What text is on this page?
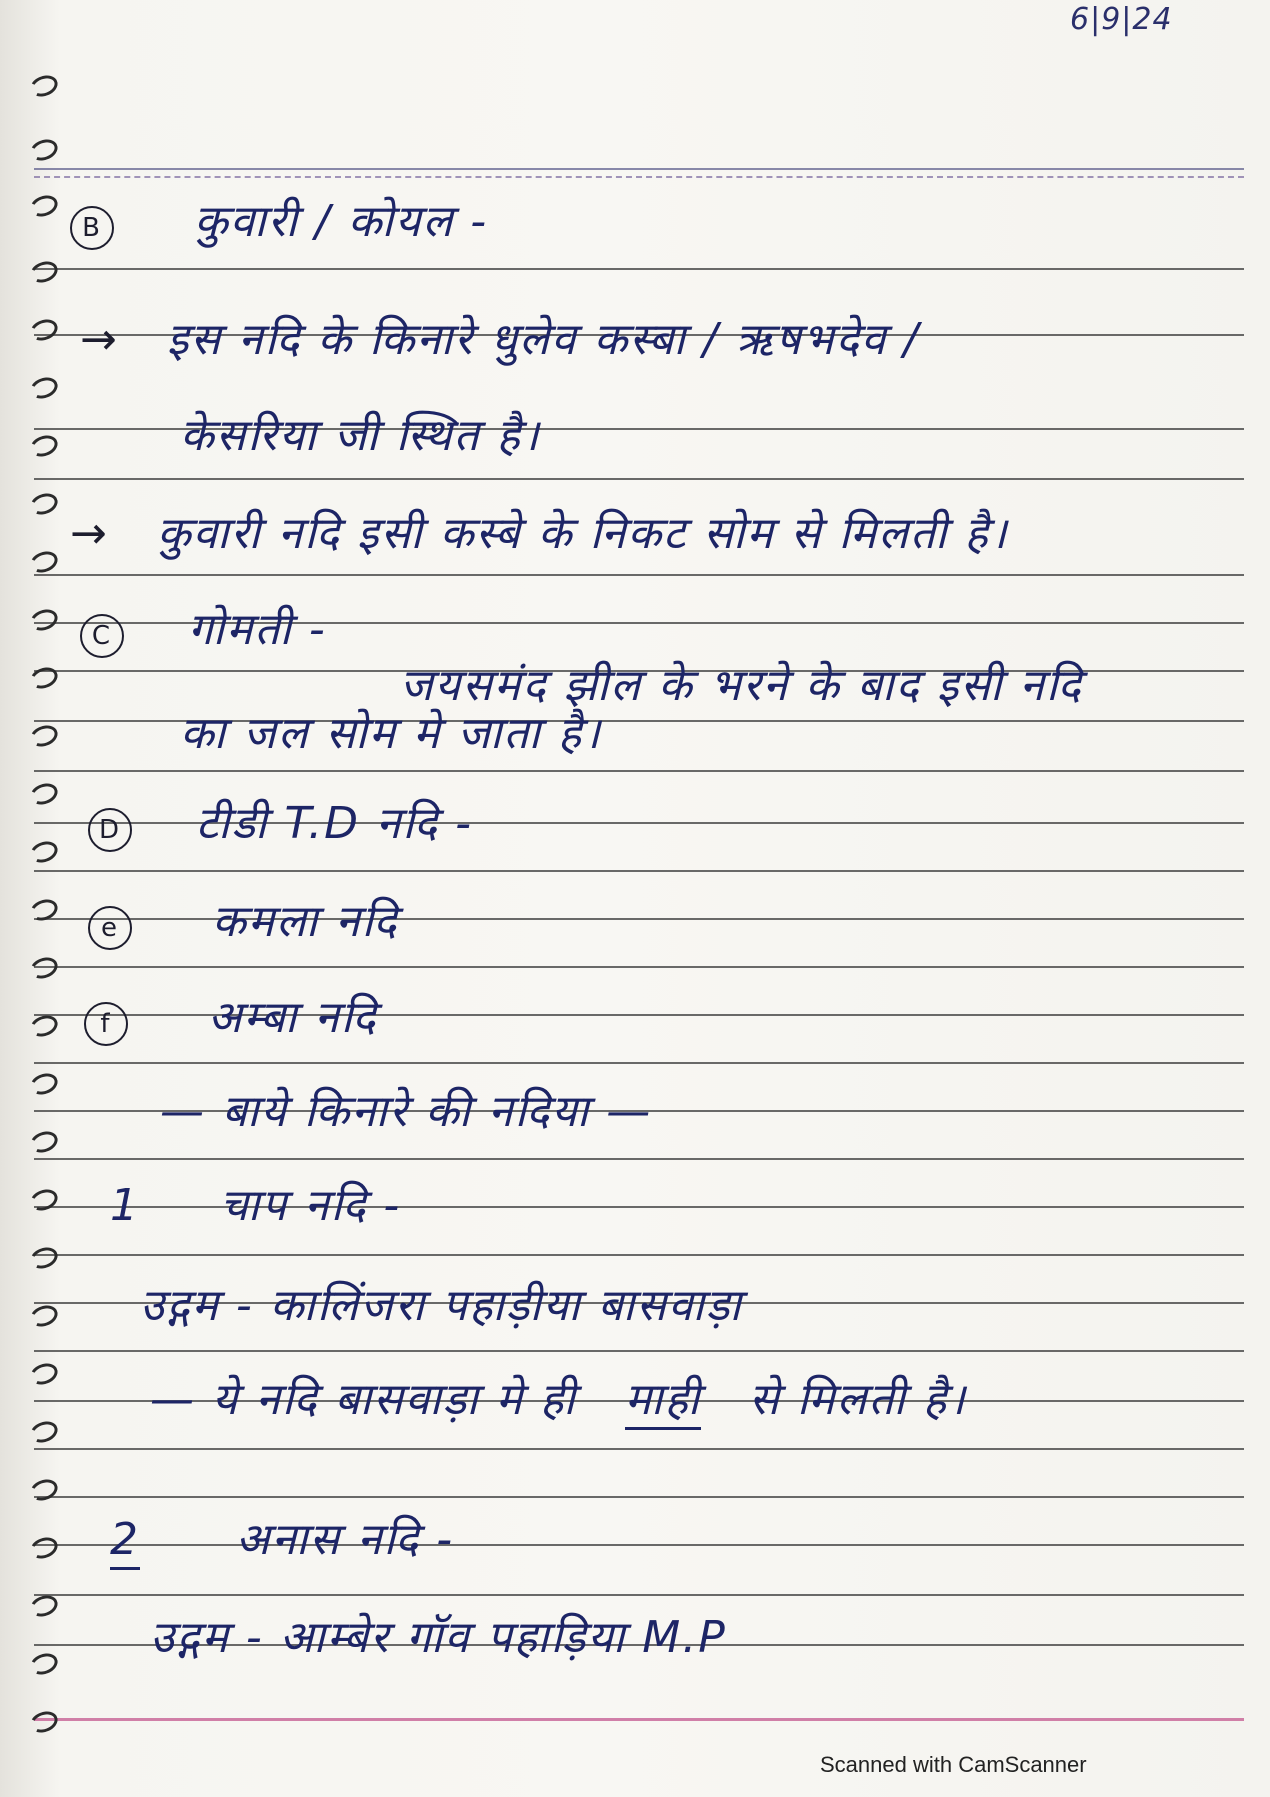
6|9|24
B कुवारी / कोयल -
→ इस नदि के किनारे धुलेव कस्बा / ऋषभदेव /
केसरिया जी स्थित है।
→ कुवारी नदि इसी कस्बे के निकट सोम से मिलती है।
C गोमती -
जयसमंद झील के भरने के बाद इसी नदि
का जल सोम मे जाता है।
D टीडी T.D नदि -
e कमला नदि
f अम्बा नदि
— बाये किनारे की नदिया —
1 चाप नदि -
उद्गम - कालिंजरा पहाड़ीया बासवाड़ा
— ये नदि बासवाड़ा मे ही माही से मिलती है।
2 अनास नदि -
उद्गम - आम्बेर गॉव पहाड़िया M.P
Scanned with CamScanner
